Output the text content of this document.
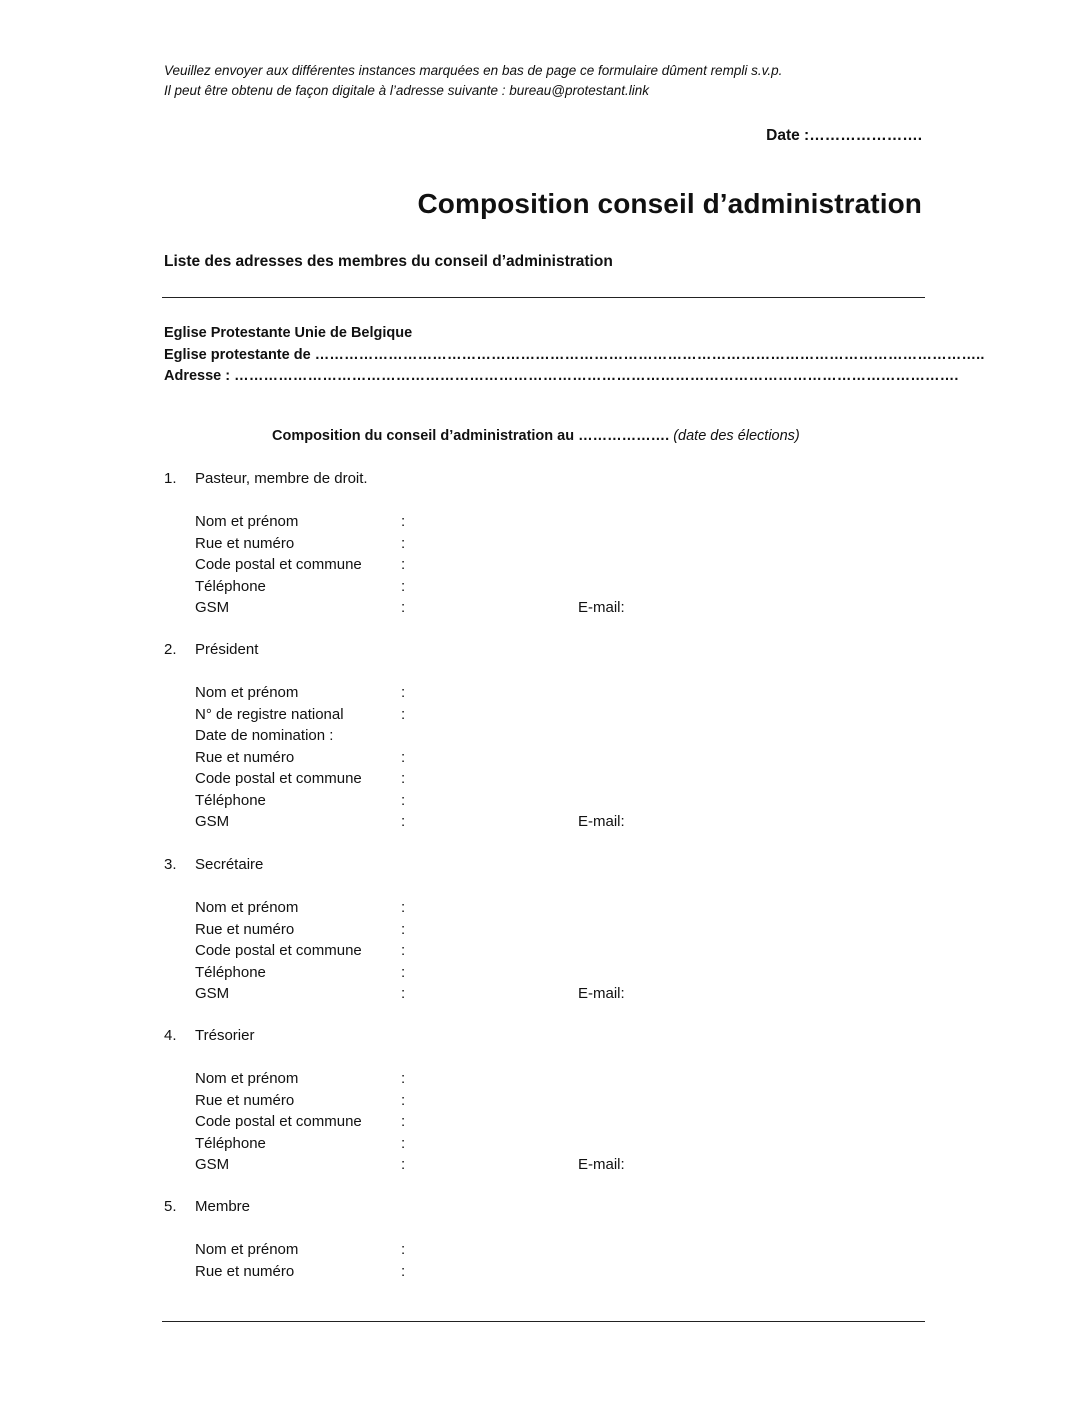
Veuillez envoyer aux différentes instances marquées en bas de page ce formulaire dûment rempli s.v.p.
Il peut être obtenu de façon digitale à l’adresse suivante : bureau@protestant.link
Date :………………….
Composition conseil d’administration
Liste des adresses des membres du conseil d’administration
Eglise Protestante Unie de Belgique
Eglise protestante de ………………………………………………………………………………………………………………………..
Adresse : ………………………………………………………………………………………………………………………………….
Composition du conseil d’administration au ………………. (date des élections)
1. Pasteur, membre de droit.
Nom et prénom	:
Rue et numéro	:
Code postal et commune	:
Téléphone	:
GSM	:	E-mail:
2. Président
Nom et prénom	:
N° de registre national	:
Date de nomination :
Rue et numéro	:
Code postal et commune	:
Téléphone	:
GSM	:	E-mail:
3. Secrétaire
Nom et prénom	:
Rue et numéro	:
Code postal et commune	:
Téléphone	:
GSM	:	E-mail:
4. Trésorier
Nom et prénom	:
Rue et numéro	:
Code postal et commune	:
Téléphone	:
GSM	:	E-mail:
5. Membre
Nom et prénom	:
Rue et numéro	:
